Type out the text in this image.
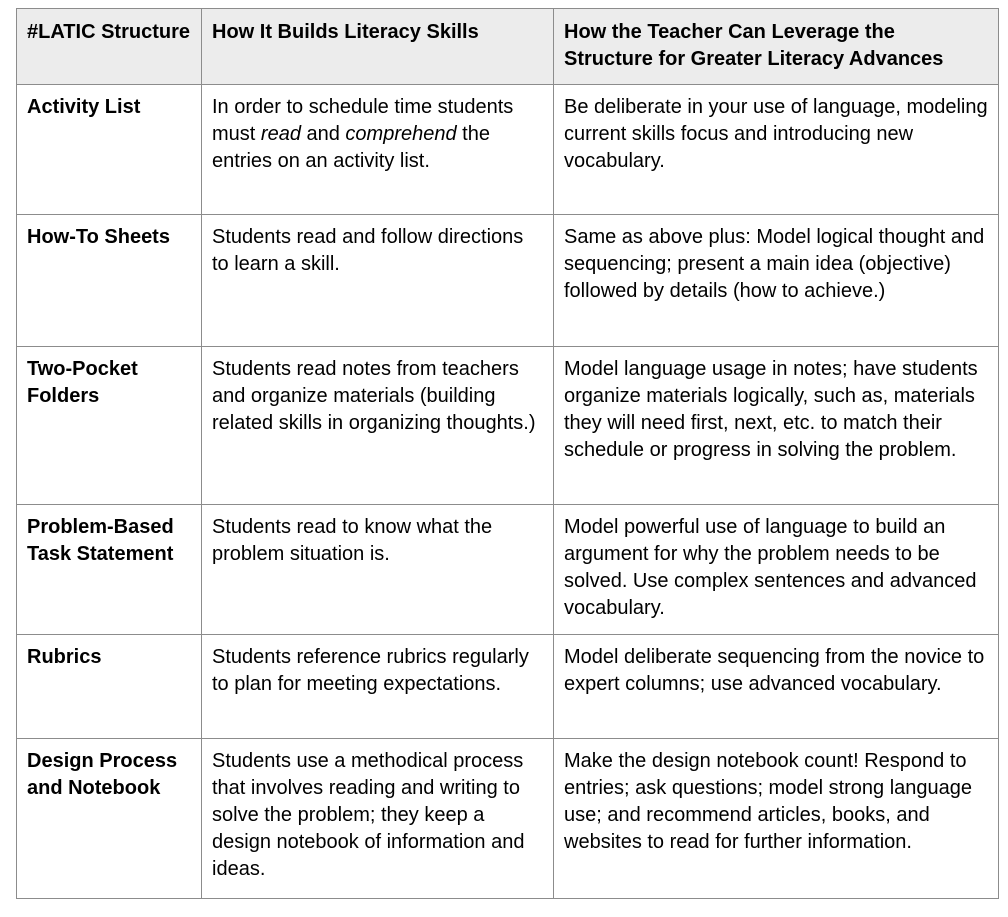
#LATIC Structure	How It Builds Literacy Skills	How the Teacher Can Leverage the Structure for Greater Literacy Advances
Activity List	In order to schedule time students must read and comprehend the entries on an activity list.	Be deliberate in your use of language, modeling current skills focus and introducing new vocabulary.
How-To Sheets	Students read and follow directions to learn a skill.	Same as above plus: Model logical thought and sequencing; present a main idea (objective) followed by details (how to achieve.)
Two-Pocket Folders	Students read notes from teachers and organize materials (building related skills in organizing thoughts.)	Model language usage in notes; have students organize materials logically, such as, materials they will need first, next, etc. to match their schedule or progress in solving the problem.
Problem-Based Task Statement	Students read to know what the problem situation is.	Model powerful use of language to build an argument for why the problem needs to be solved. Use complex sentences and advanced vocabulary.
Rubrics	Students reference rubrics regularly to plan for meeting expectations.	Model deliberate sequencing from the novice to expert columns; use advanced vocabulary.
Design Process and Notebook	Students use a methodical process that involves reading and writing to solve the problem; they keep a design notebook of information and ideas.	Make the design notebook count! Respond to entries; ask questions; model strong language use; and recommend articles, books, and websites to read for further information.
